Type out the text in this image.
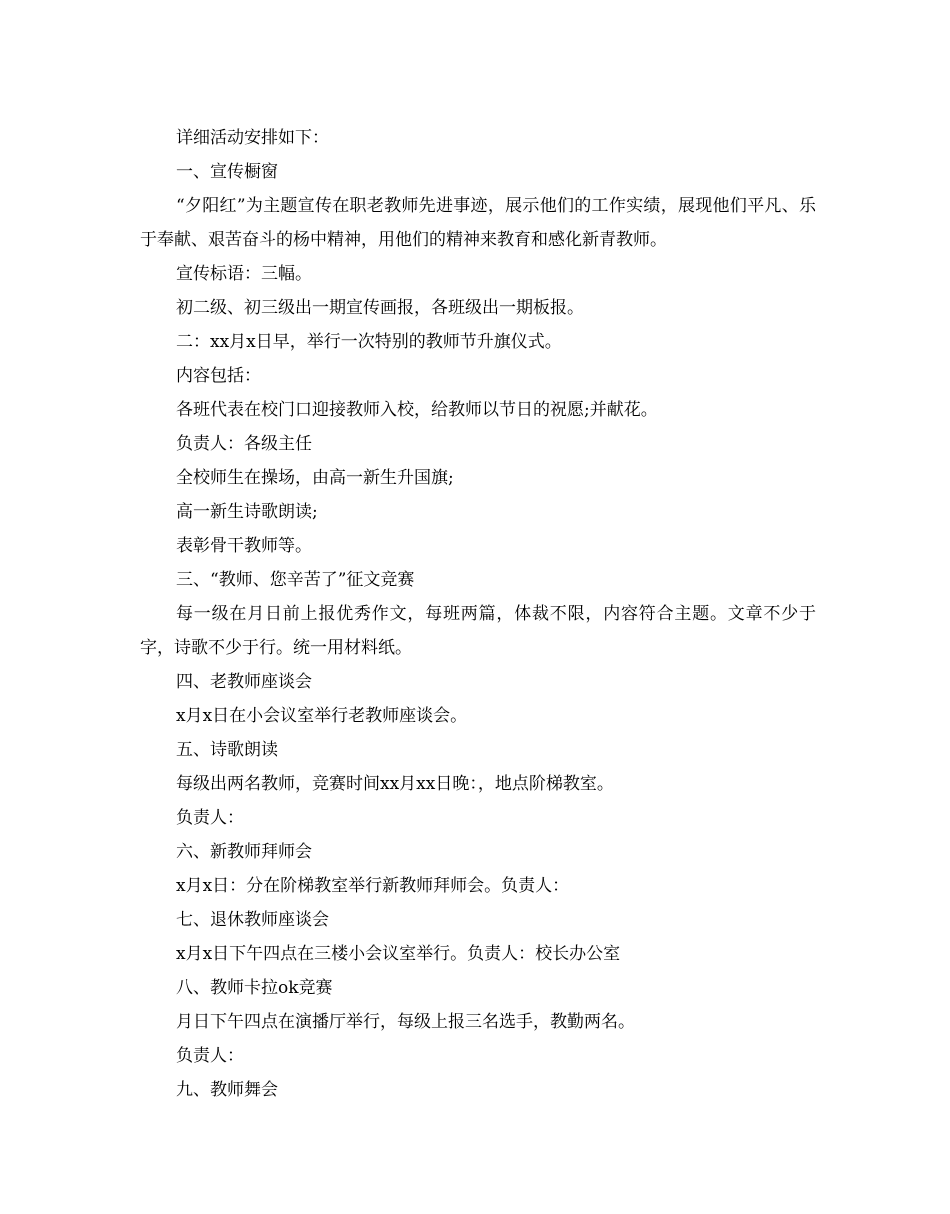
详细活动安排如下：

一、宣传橱窗

“夕阳红”为主题宣传在职老教师先进事迹，展示他们的工作实绩，展现他们平凡、乐于奉献、艰苦奋斗的杨中精神，用他们的精神来教育和感化新青教师。

宣传标语：三幅。

初二级、初三级出一期宣传画报，各班级出一期板报。

二：xx月x日早，举行一次特别的教师节升旗仪式。

内容包括：

各班代表在校门口迎接教师入校，给教师以节日的祝愿;并献花。

负责人：各级主任

全校师生在操场，由高一新生升国旗;

高一新生诗歌朗读;

表彰骨干教师等。

三、“教师、您辛苦了”征文竞赛

每一级在月日前上报优秀作文，每班两篇，体裁不限，内容符合主题。文章不少于字，诗歌不少于行。统一用材料纸。

四、老教师座谈会

x月x日在小会议室举行老教师座谈会。

五、诗歌朗读

每级出两名教师，竞赛时间xx月xx日晚：，地点阶梯教室。

负责人：

六、新教师拜师会

x月x日：分在阶梯教室举行新教师拜师会。负责人：

七、退休教师座谈会

x月x日下午四点在三楼小会议室举行。负责人：校长办公室

八、教师卡拉ok竞赛

月日下午四点在演播厅举行，每级上报三名选手，教勤两名。

负责人：

九、教师舞会
